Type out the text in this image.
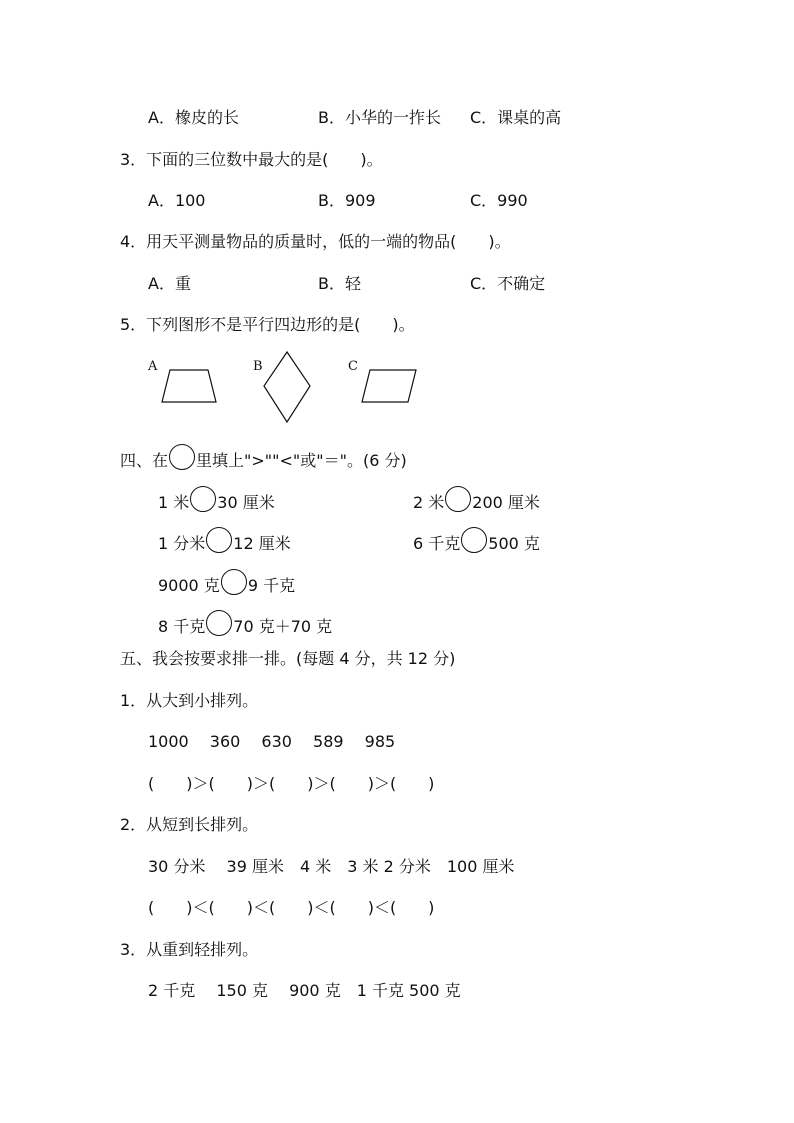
A．橡皮的长	B．小华的一拃长 C．课桌的高
3．下面的三位数中最大的是(　　)。
A．100	B．909	C．990
4．用天平测量物品的质量时，低的一端的物品(　　)。
A．重	B．轻	C．不确定
5．下列图形不是平行四边形的是(　　)。
A	B	C
四、在 里填上">""<"或"＝"。(6 分)
1 米 30 厘米	2 米 200 厘米
1 分米 12 厘米	6 千克 500 克
9000 克 9 千克
8 千克 70 克＋70 克
五、我会按要求排一排。(每题 4 分，共 12 分)
1．从大到小排列。
1000　 360　 630　 589　 985
(　　)＞(　　)＞(　　)＞(　　)＞(　　)
2．从短到长排列。
30 分米　 39 厘米　4 米　3 米 2 分米　100 厘米
(　　)＜(　　)＜(　　)＜(　　)＜(　　)
3．从重到轻排列。
2 千克　 150 克　 900 克　1 千克 500 克
